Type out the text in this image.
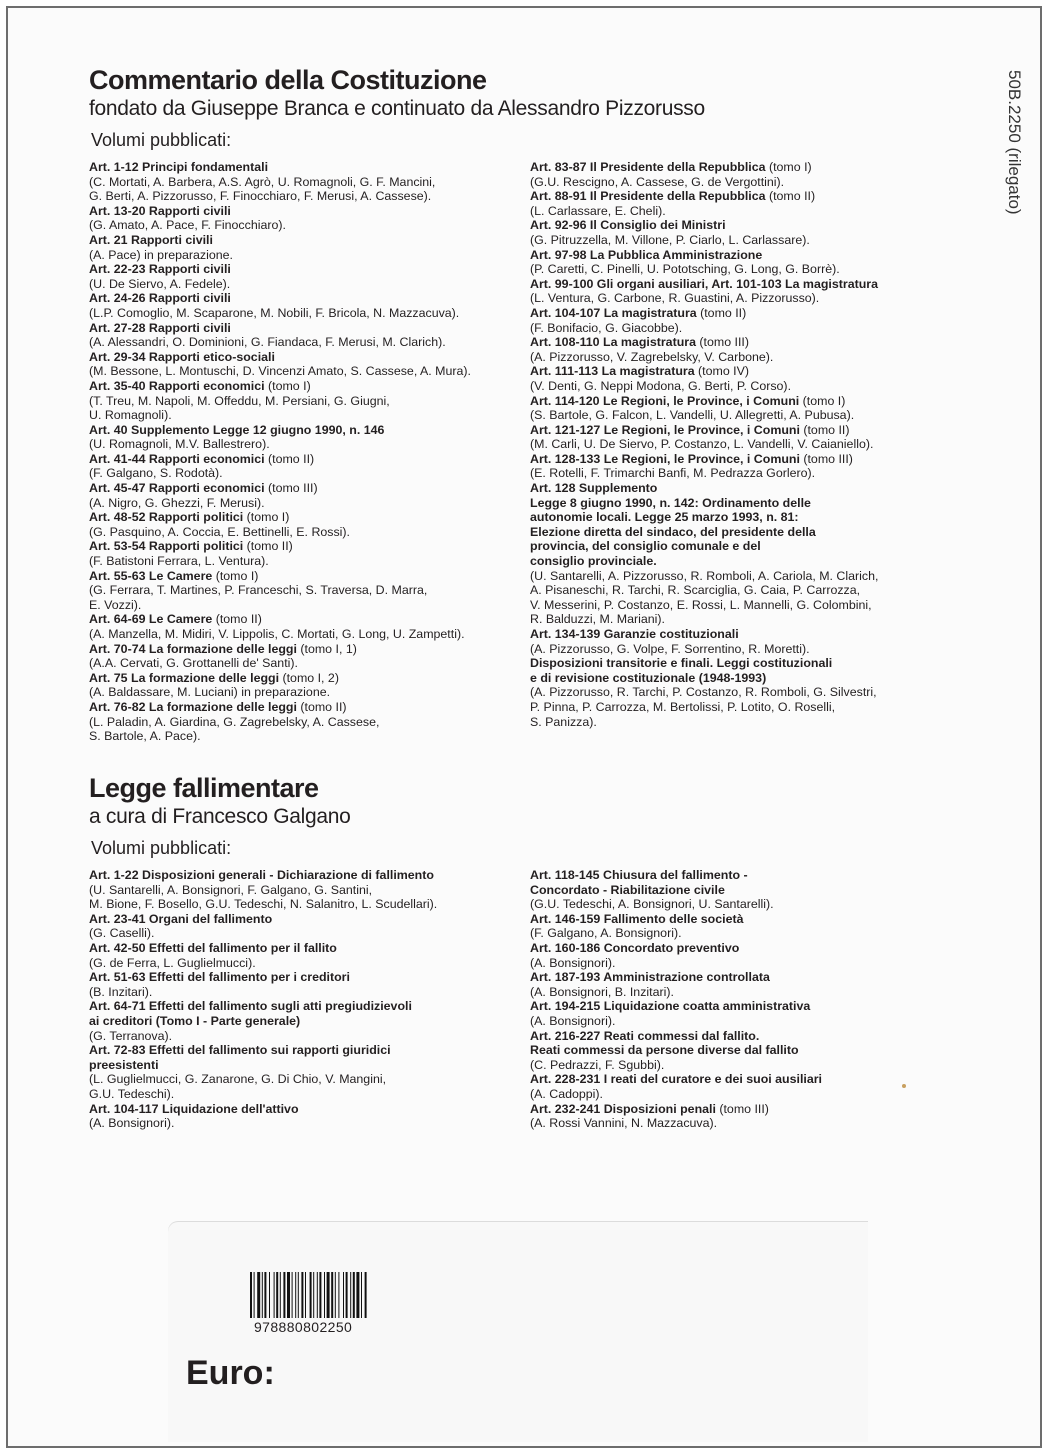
50B.2250 (rilegato)
Commentario della Costituzione

fondato da Giuseppe Branca e continuato da Alessandro Pizzorusso

Volumi pubblicati:

Art. 1-12 Principi fondamentali

(C. Mortati, A. Barbera, A.S. Agrò, U. Romagnoli, G. F. Mancini,
G. Berti, A. Pizzorusso, F. Finocchiaro, F. Merusi, A. Cassese).

Art. 13-20 Rapporti civili

(G. Amato, A. Pace, F. Finocchiaro).

Art. 21 Rapporti civili

(A. Pace) in preparazione.

Art. 22-23 Rapporti civili

(U. De Siervo, A. Fedele).

Art. 24-26 Rapporti civili

(L.P. Comoglio, M. Scaparone, M. Nobili, F. Bricola, N. Mazzacuva).

Art. 27-28 Rapporti civili

(A. Alessandri, O. Dominioni, G. Fiandaca, F. Merusi, M. Clarich).

Art. 29-34 Rapporti etico-sociali

(M. Bessone, L. Montuschi, D. Vincenzi Amato, S. Cassese, A. Mura).

Art. 35-40 Rapporti economici (tomo I)

(T. Treu, M. Napoli, M. Offeddu, M. Persiani, G. Giugni,
U. Romagnoli).

Art. 40 Supplemento Legge 12 giugno 1990, n. 146

(U. Romagnoli, M.V. Ballestrero).

Art. 41-44 Rapporti economici (tomo II)

(F. Galgano, S. Rodotà).

Art. 45-47 Rapporti economici (tomo III)

(A. Nigro, G. Ghezzi, F. Merusi).

Art. 48-52 Rapporti politici (tomo I)

(G. Pasquino, A. Coccia, E. Bettinelli, E. Rossi).

Art. 53-54 Rapporti politici (tomo II)

(F. Batistoni Ferrara, L. Ventura).

Art. 55-63 Le Camere (tomo I)

(G. Ferrara, T. Martines, P. Franceschi, S. Traversa, D. Marra,
E. Vozzi).

Art. 64-69 Le Camere (tomo II)

(A. Manzella, M. Midiri, V. Lippolis, C. Mortati, G. Long, U. Zampetti).

Art. 70-74 La formazione delle leggi (tomo I, 1)

(A.A. Cervati, G. Grottanelli de' Santi).

Art. 75 La formazione delle leggi (tomo I, 2)

(A. Baldassare, M. Luciani) in preparazione.

Art. 76-82 La formazione delle leggi (tomo II)

(L. Paladin, A. Giardina, G. Zagrebelsky, A. Cassese,
S. Bartole, A. Pace).

Art. 83-87 Il Presidente della Repubblica (tomo I)

(G.U. Rescigno, A. Cassese, G. de Vergottini).

Art. 88-91 Il Presidente della Repubblica (tomo II)

(L. Carlassare, E. Cheli).

Art. 92-96 Il Consiglio dei Ministri

(G. Pitruzzella, M. Villone, P. Ciarlo, L. Carlassare).

Art. 97-98 La Pubblica Amministrazione

(P. Caretti, C. Pinelli, U. Pototsching, G. Long, G. Borrè).

Art. 99-100 Gli organi ausiliari, Art. 101-103 La magistratura

(L. Ventura, G. Carbone, R. Guastini, A. Pizzorusso).

Art. 104-107 La magistratura (tomo II)

(F. Bonifacio, G. Giacobbe).

Art. 108-110 La magistratura (tomo III)

(A. Pizzorusso, V. Zagrebelsky, V. Carbone).

Art. 111-113 La magistratura (tomo IV)

(V. Denti, G. Neppi Modona, G. Berti, P. Corso).

Art. 114-120 Le Regioni, le Province, i Comuni (tomo I)

(S. Bartole, G. Falcon, L. Vandelli, U. Allegretti, A. Pubusa).

Art. 121-127 Le Regioni, le Province, i Comuni (tomo II)

(M. Carli, U. De Siervo, P. Costanzo, L. Vandelli, V. Caianiello).

Art. 128-133 Le Regioni, le Province, i Comuni (tomo III)

(E. Rotelli, F. Trimarchi Banfi, M. Pedrazza Gorlero).

Art. 128 Supplemento
Legge 8 giugno 1990, n. 142: Ordinamento delle
autonomie locali. Legge 25 marzo 1993, n. 81:
Elezione diretta del sindaco, del presidente della
provincia, del consiglio comunale e del
consiglio provinciale.

(U. Santarelli, A. Pizzorusso, R. Romboli, A. Cariola, M. Clarich,
A. Pisaneschi, R. Tarchi, R. Scarciglia, G. Caia, P. Carrozza,
V. Messerini, P. Costanzo, E. Rossi, L. Mannelli, G. Colombini,
R. Balduzzi, M. Mariani).

Art. 134-139 Garanzie costituzionali

(A. Pizzorusso, G. Volpe, F. Sorrentino, R. Moretti).

Disposizioni transitorie e finali. Leggi costituzionali
e di revisione costituzionale (1948-1993)

(A. Pizzorusso, R. Tarchi, P. Costanzo, R. Romboli, G. Silvestri,
P. Pinna, P. Carrozza, M. Bertolissi, P. Lotito, O. Roselli,
S. Panizza).

Legge fallimentare

a cura di Francesco Galgano

Volumi pubblicati:

Art. 1-22 Disposizioni generali - Dichiarazione di fallimento

(U. Santarelli, A. Bonsignori, F. Galgano, G. Santini,
M. Bione, F. Bosello, G.U. Tedeschi, N. Salanitro, L. Scudellari).

Art. 23-41 Organi del fallimento

(G. Caselli).

Art. 42-50 Effetti del fallimento per il fallito

(G. de Ferra, L. Guglielmucci).

Art. 51-63 Effetti del fallimento per i creditori

(B. Inzitari).

Art. 64-71 Effetti del fallimento sugli atti pregiudizievoli
ai creditori (Tomo I - Parte generale)

(G. Terranova).

Art. 72-83 Effetti del fallimento sui rapporti giuridici
preesistenti

(L. Guglielmucci, G. Zanarone, G. Di Chio, V. Mangini,
G.U. Tedeschi).

Art. 104-117 Liquidazione dell'attivo

(A. Bonsignori).

Art. 118-145 Chiusura del fallimento -
Concordato - Riabilitazione civile

(G.U. Tedeschi, A. Bonsignori, U. Santarelli).

Art. 146-159 Fallimento delle società

(F. Galgano, A. Bonsignori).

Art. 160-186 Concordato preventivo

(A. Bonsignori).

Art. 187-193 Amministrazione controllata

(A. Bonsignori, B. Inzitari).

Art. 194-215 Liquidazione coatta amministrativa

(A. Bonsignori).

Art. 216-227 Reati commessi dal fallito.
Reati commessi da persone diverse dal fallito

(C. Pedrazzi, F. Sgubbi).

Art. 228-231 I reati del curatore e dei suoi ausiliari

(A. Cadoppi).

Art. 232-241 Disposizioni penali (tomo III)

(A. Rossi Vannini, N. Mazzacuva).

978880802250
Euro:
